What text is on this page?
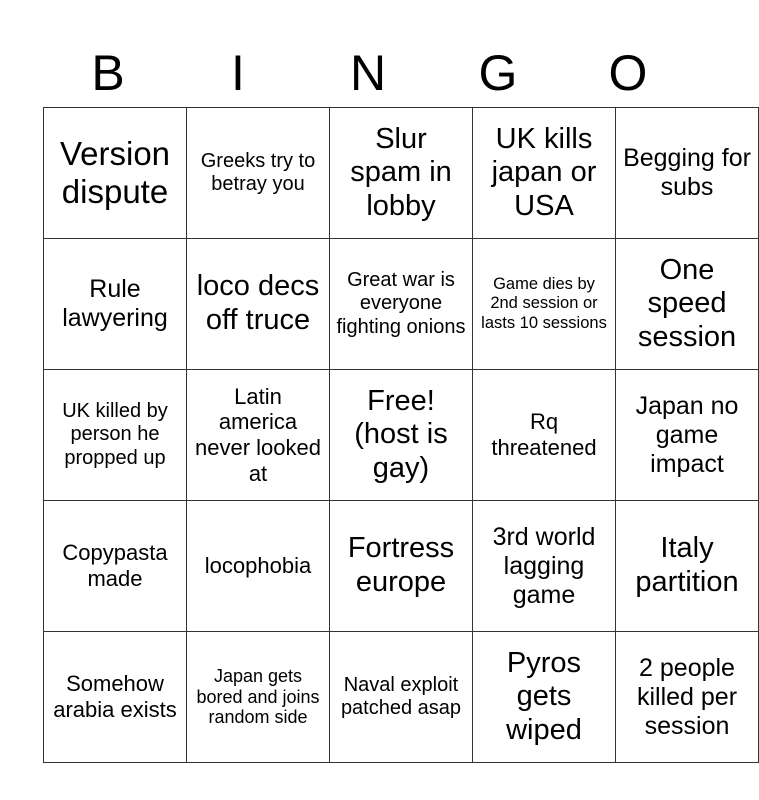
B	I	N	G	O
Version dispute	Greeks try to betray you	Slur spam in lobby	UK kills japan or USA	Begging for subs
Rule lawyering	loco decs off truce	Great war is everyone fighting onions	Game dies by 2nd session or lasts 10 sessions	One speed session
UK killed by person he propped up	Latin america never looked at	Free! (host is gay)	Rq threatened	Japan no game impact
Copypasta made	locophobia	Fortress europe	3rd world lagging game	Italy partition
Somehow arabia exists	Japan gets bored and joins random side	Naval exploit patched asap	Pyros gets wiped	2 people killed per session
